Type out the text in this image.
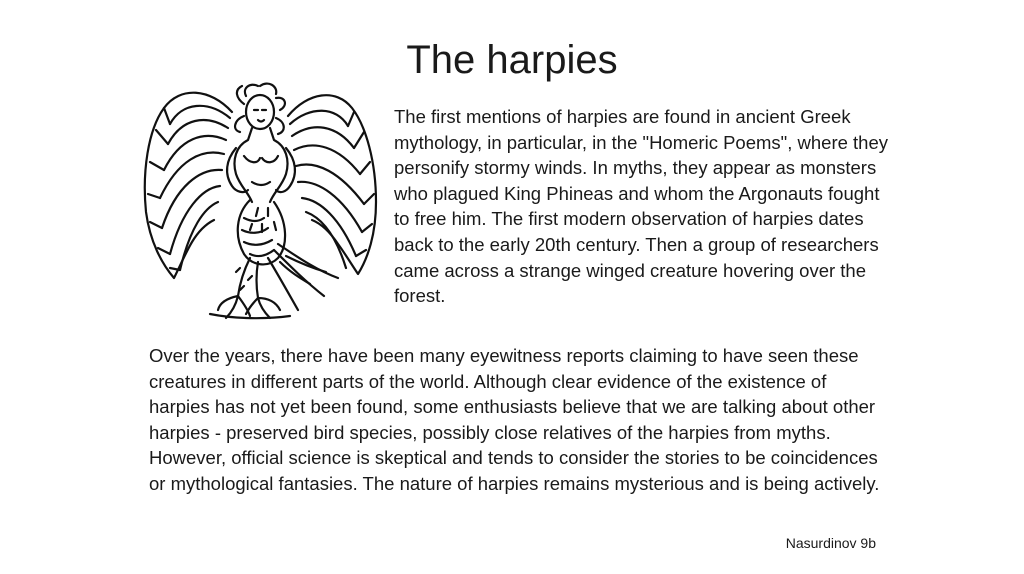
The harpies

The first mentions of harpies are found in ancient Greek mythology, in particular, in the "Homeric Poems", where they personify stormy winds. In myths, they appear as monsters who plagued King Phineas and whom the Argonauts fought to free him. The first modern observation of harpies dates back to the early 20th century. Then a group of researchers came across a strange winged creature hovering over the forest.

Over the years, there have been many eyewitness reports claiming to have seen these creatures in different parts of the world. Although clear evidence of the existence of harpies has not yet been found, some enthusiasts believe that we are talking about other harpies - preserved bird species, possibly close relatives of the harpies from myths. However, official science is skeptical and tends to consider the stories to be coincidences or mythological fantasies. The nature of harpies remains mysterious and is being actively.

Nasurdinov 9b
